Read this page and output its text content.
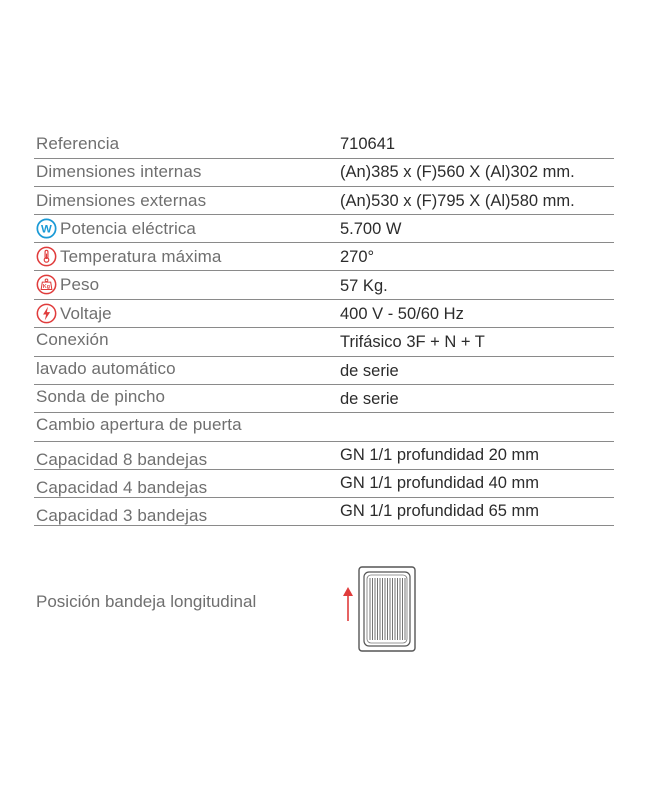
Referencia	710641
Dimensiones internas	(An)385 x (F)560 X (Al)302 mm.
Dimensiones externas	(An)530 x (F)795 X (Al)580 mm.
W Potencia eléctrica	5.700 W
Temperatura máxima	270°
Kg Peso	57 Kg.
Voltaje	400 V - 50/60 Hz
Conexión	Trifásico 3F + N + T
lavado automático	de serie
Sonda de pincho	de serie
Cambio apertura de puerta
Capacidad 8 bandejas	GN 1/1 profundidad 20 mm
Capacidad 4 bandejas	GN 1/1 profundidad 40 mm
Capacidad 3 bandejas	GN 1/1 profundidad 65 mm
Posición bandeja longitudinal
